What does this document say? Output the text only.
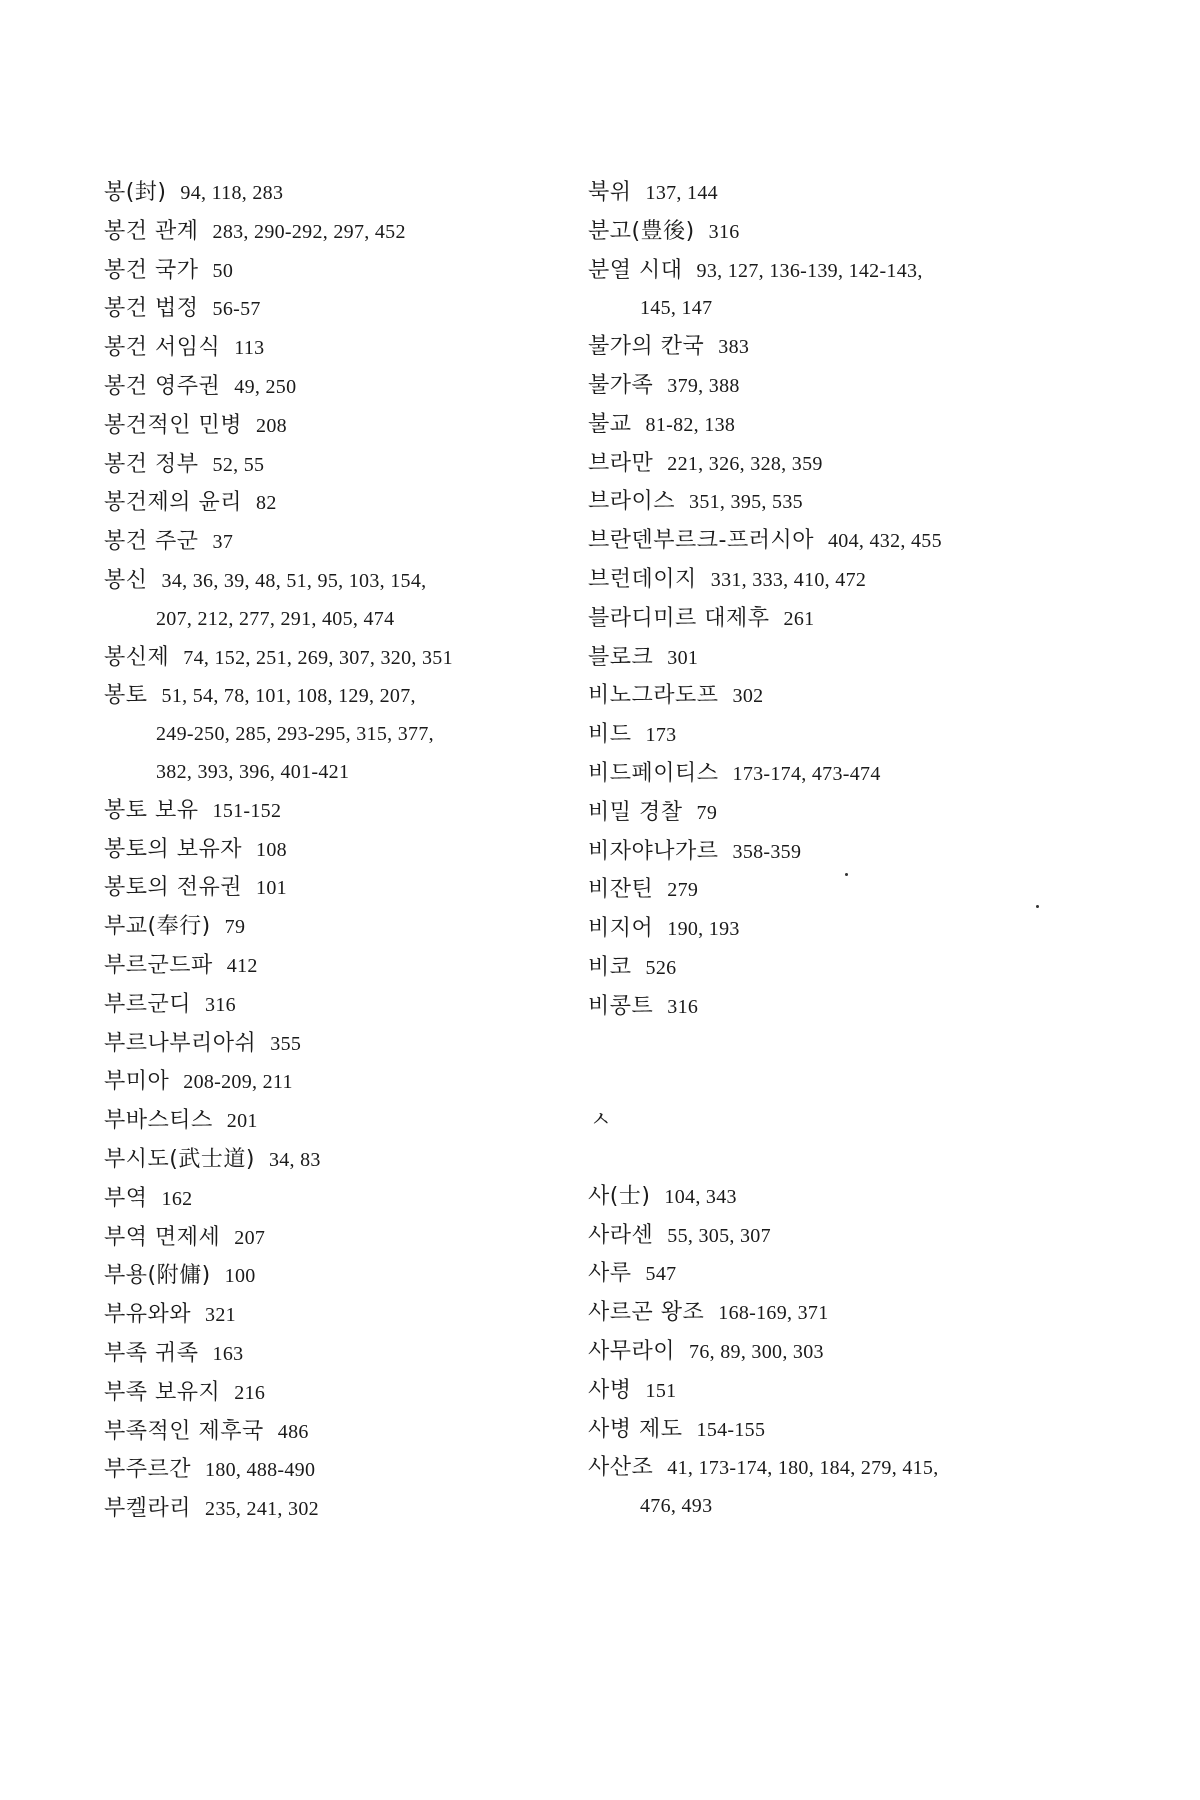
봉(封) 94, 118, 283
봉건 관계 283, 290-292, 297, 452
봉건 국가 50
봉건 법정 56-57
봉건 서임식 113
봉건 영주권 49, 250
봉건적인 민병 208
봉건 정부 52, 55
봉건제의 윤리 82
봉건 주군 37
봉신 34, 36, 39, 48, 51, 95, 103, 154,
207, 212, 277, 291, 405, 474
봉신제 74, 152, 251, 269, 307, 320, 351
봉토 51, 54, 78, 101, 108, 129, 207,
249-250, 285, 293-295, 315, 377,
382, 393, 396, 401-421
봉토 보유 151-152
봉토의 보유자 108
봉토의 전유권 101
부교(奉行) 79
부르군드파 412
부르군디 316
부르나부리아쉬 355
부미아 208-209, 211
부바스티스 201
부시도(武士道) 34, 83
부역 162
부역 면제세 207
부용(附傭) 100
부유와와 321
부족 귀족 163
부족 보유지 216
부족적인 제후국 486
부주르간 180, 488-490
부켈라리 235, 241, 302
북위 137, 144
분고(豊後) 316
분열 시대 93, 127, 136-139, 142-143,
145, 147
불가의 칸국 383
불가족 379, 388
불교 81-82, 138
브라만 221, 326, 328, 359
브라이스 351, 395, 535
브란덴부르크-프러시아 404, 432, 455
브런데이지 331, 333, 410, 472
블라디미르 대제후 261
블로크 301
비노그라도프 302
비드 173
비드페이티스 173-174, 473-474
비밀 경찰 79
비자야나가르 358-359
비잔틴 279
비지어 190, 193
비코 526
비콩트 316
ㅅ
사(士) 104, 343
사라센 55, 305, 307
사루 547
사르곤 왕조 168-169, 371
사무라이 76, 89, 300, 303
사병 151
사병 제도 154-155
사산조 41, 173-174, 180, 184, 279, 415,
476, 493
